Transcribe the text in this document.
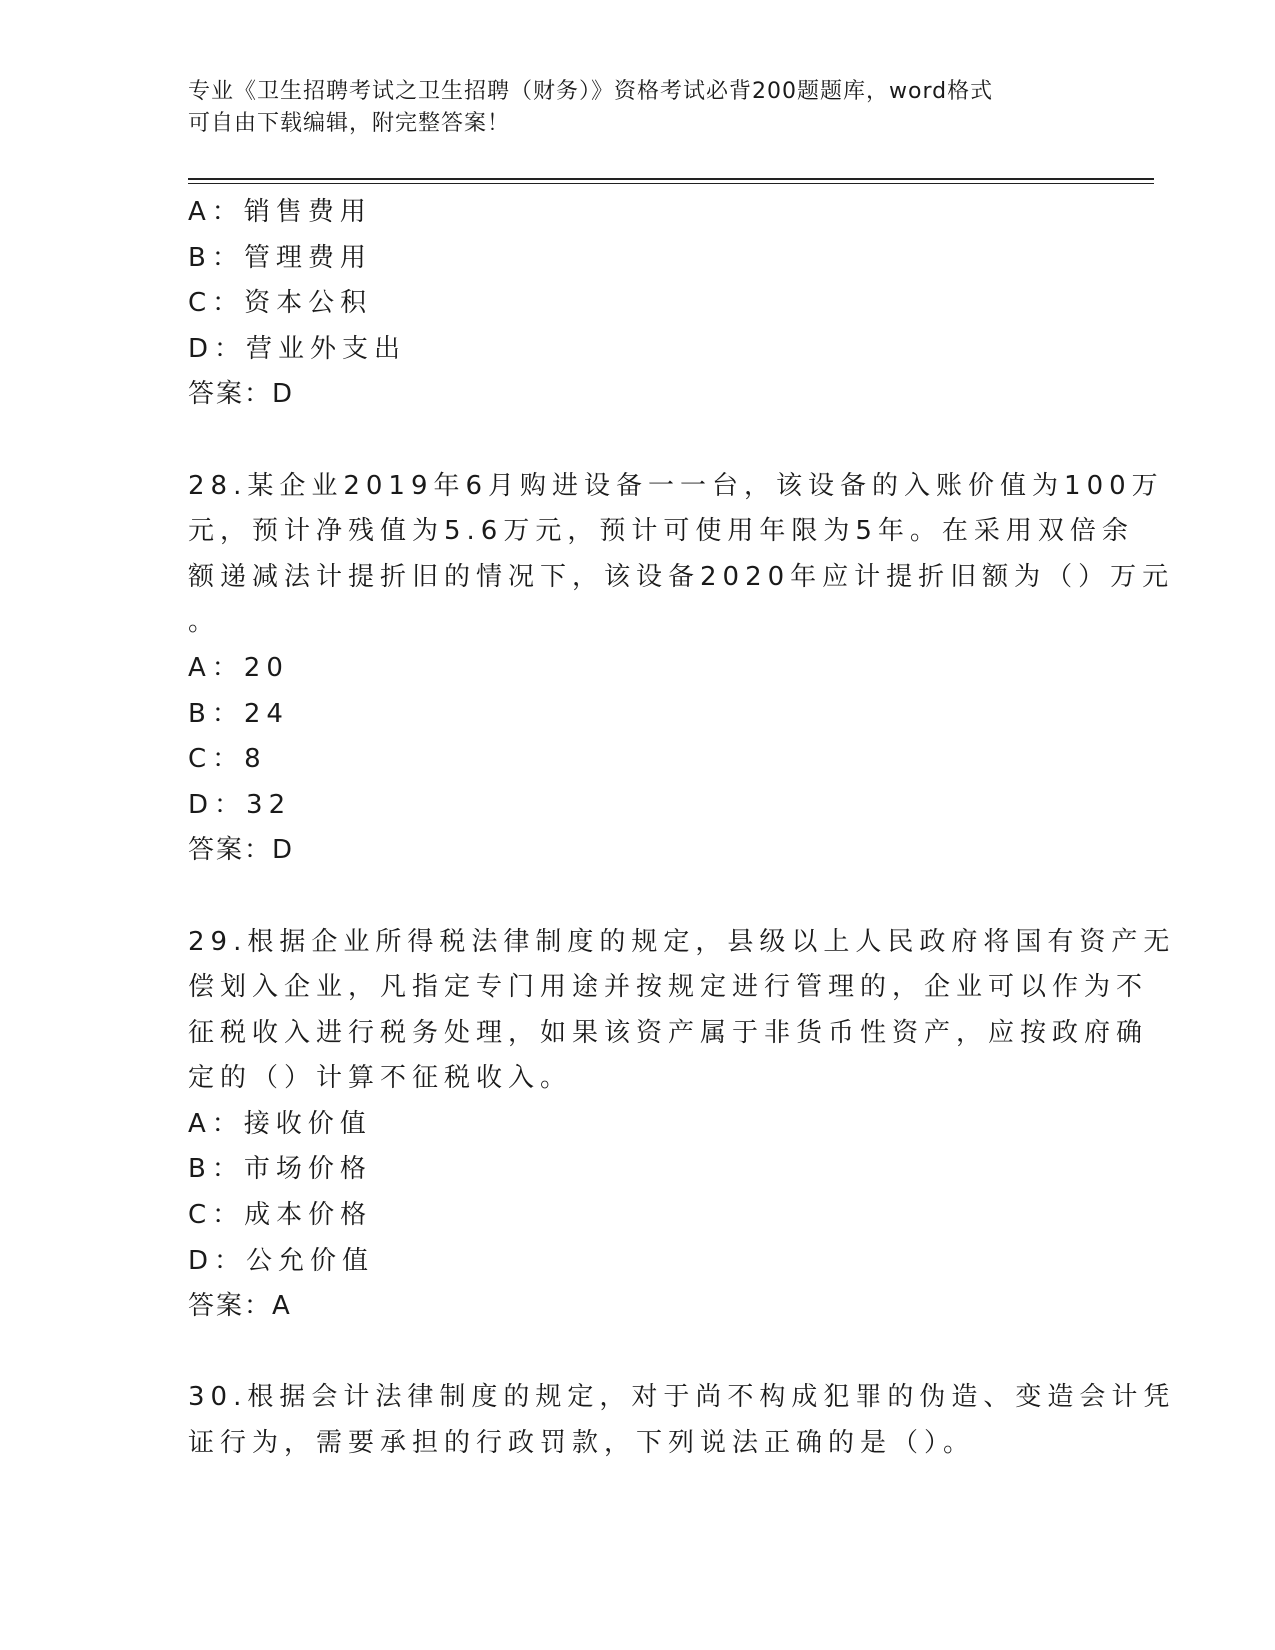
专业《卫生招聘考试之卫生招聘（财务）》资格考试必背200题题库，word格式
可自由下载编辑，附完整答案！
A：销售费用
B：管理费用
C：资本公积
D：营业外支出
答案：D
28.某企业2019年6月购进设备一一台，该设备的入账价值为100万
元，预计净残值为5.6万元，预计可使用年限为5年。在采用双倍余
额递减法计提折旧的情况下，该设备2020年应计提折旧额为（）万元
。
A：20
B：24
C：8
D：32
答案：D
29.根据企业所得税法律制度的规定，县级以上人民政府将国有资产无
偿划入企业，凡指定专门用途并按规定进行管理的，企业可以作为不
征税收入进行税务处理，如果该资产属于非货币性资产，应按政府确
定的（）计算不征税收入。
A：接收价值
B：市场价格
C：成本价格
D：公允价值
答案：A
30.根据会计法律制度的规定，对于尚不构成犯罪的伪造、变造会计凭
证行为，需要承担的行政罚款，下列说法正确的是（）。
